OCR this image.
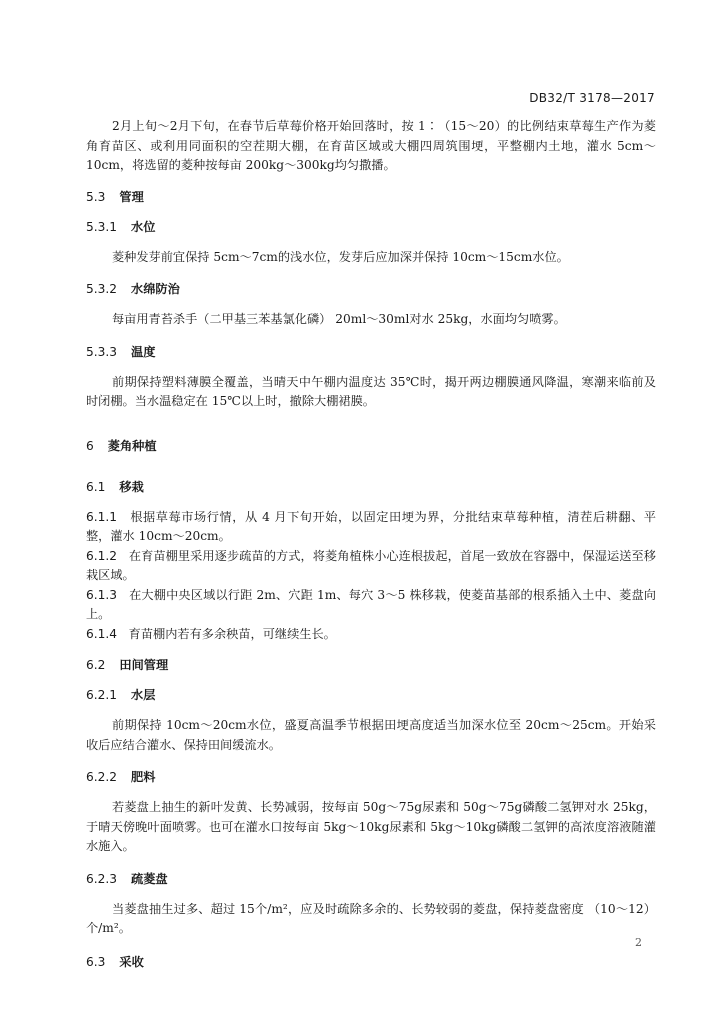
DB32/T 3178—2017

2月上旬～2月下旬，在春节后草莓价格开始回落时，按 1∶（15～20）的比例结束草莓生产作为菱角育苗区、或利用同面积的空茬期大棚，在育苗区域或大棚四周筑围埂，平整棚内土地，灌水 5cm～10cm，将选留的菱种按每亩 200kg～300kg均匀撒播。

5.3 管理
5.3.1 水位

菱种发芽前宜保持 5cm～7cm的浅水位，发芽后应加深并保持 10cm～15cm水位。

5.3.2 水绵防治

每亩用青苔杀手（二甲基三苯基氯化磷） 20ml～30ml对水 25kg，水面均匀喷雾。

5.3.3 温度

前期保持塑料薄膜全覆盖，当晴天中午棚内温度达 35℃时，揭开两边棚膜通风降温，寒潮来临前及时闭棚。当水温稳定在 15℃以上时，撤除大棚裙膜。

6 菱角种植
6.1 移栽

6.1.1 根据草莓市场行情，从 4 月下旬开始，以固定田埂为界，分批结束草莓种植，清茬后耕翻、平整，灌水 10cm～20cm。

6.1.2 在育苗棚里采用逐步疏苗的方式，将菱角植株小心连根拔起，首尾一致放在容器中，保湿运送至移栽区域。

6.1.3 在大棚中央区域以行距 2m、穴距 1m、每穴 3～5 株移栽，使菱苗基部的根系插入土中、菱盘向上。

6.1.4 育苗棚内若有多余秧苗，可继续生长。

6.2 田间管理
6.2.1 水层

前期保持 10cm～20cm水位，盛夏高温季节根据田埂高度适当加深水位至 20cm～25cm。开始采收后应结合灌水、保持田间缓流水。

6.2.2 肥料

若菱盘上抽生的新叶发黄、长势减弱，按每亩 50g～75g尿素和 50g～75g磷酸二氢钾对水 25kg，于晴天傍晚叶面喷雾。也可在灌水口按每亩 5kg～10kg尿素和 5kg～10kg磷酸二氢钾的高浓度溶液随灌水施入。

6.2.3 疏菱盘

当菱盘抽生过多、超过 15个/m²，应及时疏除多余的、长势较弱的菱盘，保持菱盘密度 （10～12）个/m²。

6.3 采收
2
